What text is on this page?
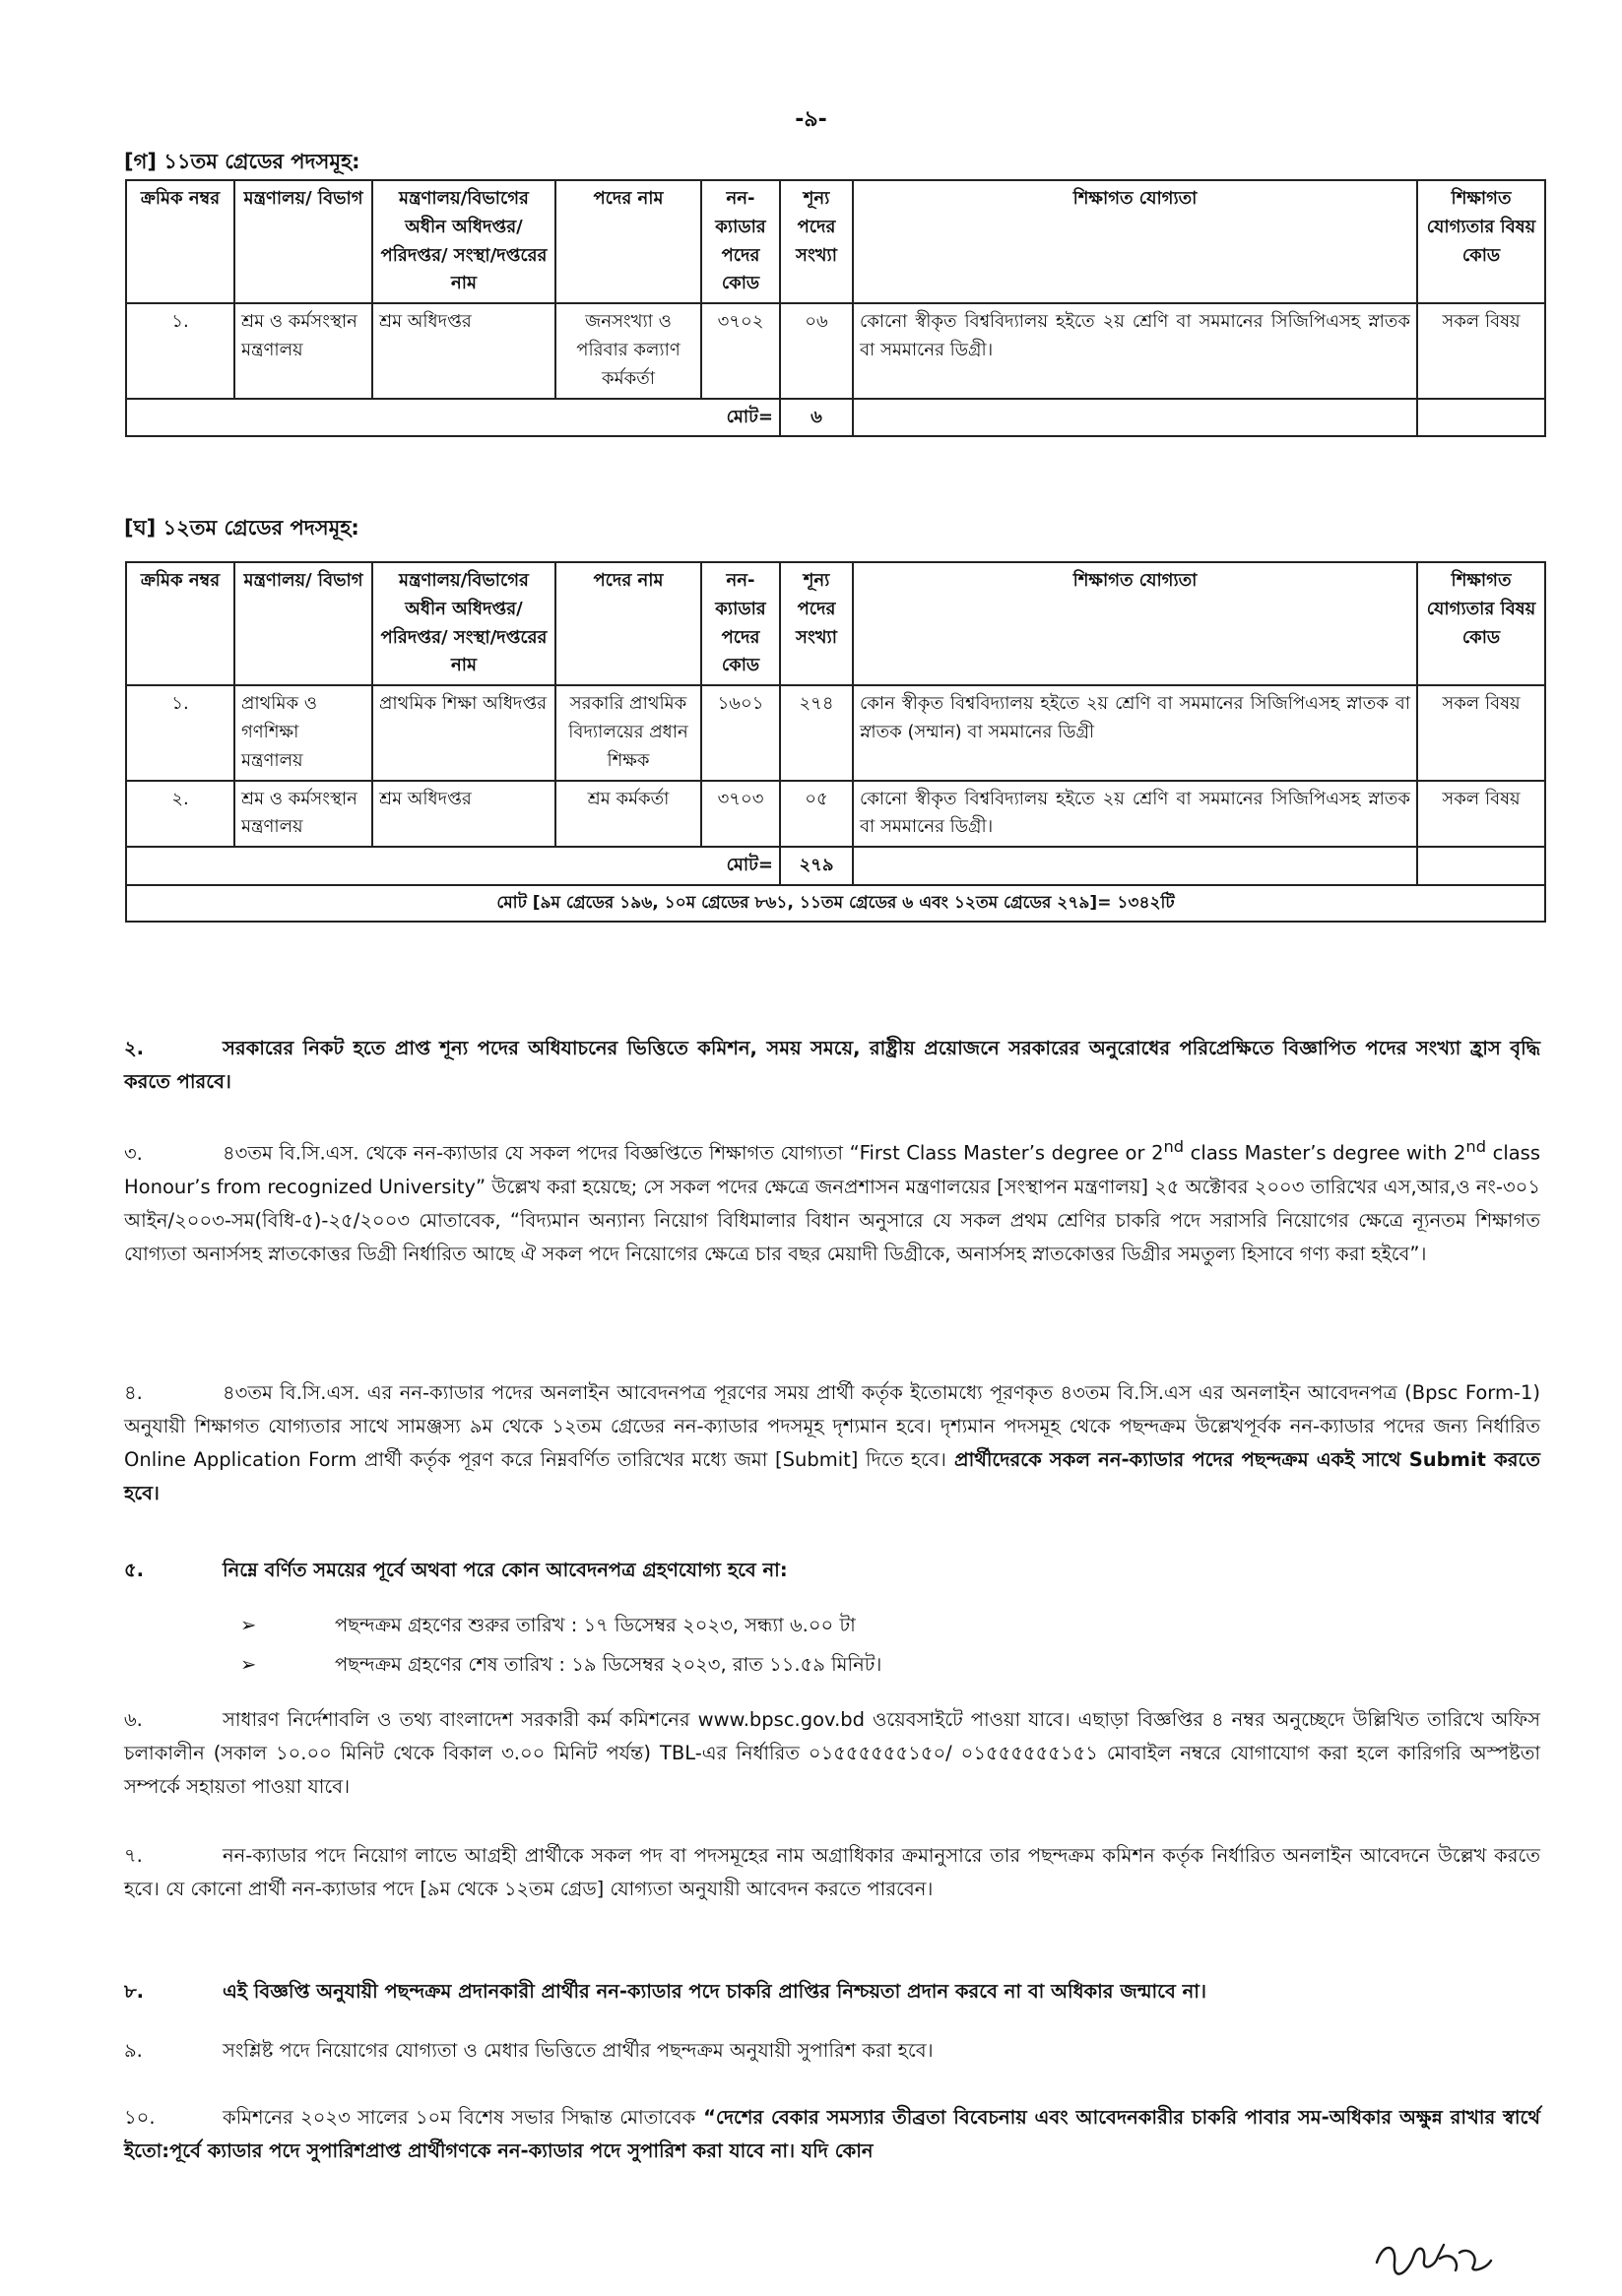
-৯-
[গ] ১১তম গ্রেডের পদসমূহ:
ক্রমিক নম্বর	মন্ত্রণালয়/ বিভাগ	মন্ত্রণালয়/বিভাগের অধীন অধিদপ্তর/পরিদপ্তর/ সংস্থা/দপ্তরের নাম	পদের নাম	নন-ক্যাডার পদের কোড	শূন্য পদের সংখ্যা	শিক্ষাগত যোগ্যতা	শিক্ষাগত যোগ্যতার বিষয় কোড
১.	শ্রম ও কর্মসংস্থান মন্ত্রণালয়	শ্রম অধিদপ্তর	জনসংখ্যা ও পরিবার কল্যাণ কর্মকর্তা	৩৭০২	০৬	কোনো স্বীকৃত বিশ্ববিদ্যালয় হইতে ২য় শ্রেণি বা সমমানের সিজিপিএসহ স্নাতক বা সমমানের ডিগ্রী।	সকল বিষয়
মোট=					৬		
[ঘ] ১২তম গ্রেডের পদসমূহ:
ক্রমিক নম্বর	মন্ত্রণালয়/ বিভাগ	মন্ত্রণালয়/বিভাগের অধীন অধিদপ্তর/পরিদপ্তর/ সংস্থা/দপ্তরের নাম	পদের নাম	নন-ক্যাডার পদের কোড	শূন্য পদের সংখ্যা	শিক্ষাগত যোগ্যতা	শিক্ষাগত যোগ্যতার বিষয় কোড
১.	প্রাথমিক ও গণশিক্ষা মন্ত্রণালয়	প্রাথমিক শিক্ষা অধিদপ্তর	সরকারি প্রাথমিক বিদ্যালয়ের প্রধান শিক্ষক	১৬০১	২৭৪	কোন স্বীকৃত বিশ্ববিদ্যালয় হইতে ২য় শ্রেণি বা সমমানের সিজিপিএসহ স্নাতক বা স্নাতক (সম্মান) বা সমমানের ডিগ্রী	সকল বিষয়
২.	শ্রম ও কর্মসংস্থান মন্ত্রণালয়	শ্রম অধিদপ্তর	শ্রম কর্মকর্তা	৩৭০৩	০৫	কোনো স্বীকৃত বিশ্ববিদ্যালয় হইতে ২য় শ্রেণি বা সমমানের সিজিপিএসহ স্নাতক বা সমমানের ডিগ্রী।	সকল বিষয়
মোট=					২৭৯		
মোট [৯ম গ্রেডের ১৯৬, ১০ম গ্রেডের ৮৬১, ১১তম গ্রেডের ৬ এবং ১২তম গ্রেডের ২৭৯]= ১৩৪২টি							
২.	সরকারের নিকট হতে প্রাপ্ত শূন্য পদের অধিযাচনের ভিত্তিতে কমিশন, সময় সময়ে, রাষ্ট্রীয় প্রয়োজনে সরকারের অনুরোধের পরিপ্রেক্ষিতে বিজ্ঞাপিত পদের সংখ্যা হ্রাস বৃদ্ধি করতে পারবে।
৩.	৪৩তম বি.সি.এস. থেকে নন-ক্যাডার যে সকল পদের বিজ্ঞপ্তিতে শিক্ষাগত যোগ্যতা “First Class Master’s degree or 2nd class Master’s degree with 2nd class Honour’s from recognized University” উল্লেখ করা হয়েছে; সে সকল পদের ক্ষেত্রে জনপ্রশাসন মন্ত্রণালয়ের [সংস্থাপন মন্ত্রণালয়] ২৫ অক্টোবর ২০০৩ তারিখের এস,আর,ও নং-৩০১ আইন/২০০৩-সম(বিধি-৫)-২৫/২০০৩ মোতাবেক, “বিদ্যমান অন্যান্য নিয়োগ বিধিমালার বিধান অনুসারে যে সকল প্রথম শ্রেণির চাকরি পদে সরাসরি নিয়োগের ক্ষেত্রে ন্যূনতম শিক্ষাগত যোগ্যতা অনার্সসহ স্নাতকোত্তর ডিগ্রী নির্ধারিত আছে ঐ সকল পদে নিয়োগের ক্ষেত্রে চার বছর মেয়াদী ডিগ্রীকে, অনার্সসহ স্নাতকোত্তর ডিগ্রীর সমতুল্য হিসাবে গণ্য করা হইবে”।
৪.	৪৩তম বি.সি.এস. এর নন-ক্যাডার পদের অনলাইন আবেদনপত্র পূরণের সময় প্রার্থী কর্তৃক ইতোমধ্যে পূরণকৃত ৪৩তম বি.সি.এস এর অনলাইন আবেদনপত্র (Bpsc Form-1) অনুযায়ী শিক্ষাগত যোগ্যতার সাথে সামঞ্জস্য ৯ম থেকে ১২তম গ্রেডের নন-ক্যাডার পদসমূহ দৃশ্যমান হবে। দৃশ্যমান পদসমূহ থেকে পছন্দক্রম উল্লেখপূর্বক নন-ক্যাডার পদের জন্য নির্ধারিত Online Application Form প্রার্থী কর্তৃক পূরণ করে নিম্নবর্ণিত তারিখের মধ্যে জমা [Submit] দিতে হবে। প্রার্থীদেরকে সকল নন-ক্যাডার পদের পছন্দক্রম একই সাথে Submit করতে হবে।
৫.	নিম্নে বর্ণিত সময়ের পূর্বে অথবা পরে কোন আবেদনপত্র গ্রহণযোগ্য হবে না:
➢	পছন্দক্রম গ্রহণের শুরুর তারিখ : ১৭ ডিসেম্বর ২০২৩, সন্ধ্যা ৬.০০ টা
➢	পছন্দক্রম গ্রহণের শেষ তারিখ : ১৯ ডিসেম্বর ২০২৩, রাত ১১.৫৯ মিনিট।
৬.	সাধারণ নির্দেশাবলি ও তথ্য বাংলাদেশ সরকারী কর্ম কমিশনের www.bpsc.gov.bd ওয়েবসাইটে পাওয়া যাবে। এছাড়া বিজ্ঞপ্তির ৪ নম্বর অনুচ্ছেদে উল্লিখিত তারিখে অফিস চলাকালীন (সকাল ১০.০০ মিনিট থেকে বিকাল ৩.০০ মিনিট পর্যন্ত) TBL-এর নির্ধারিত ০১৫৫৫৫৫৫১৫০/ ০১৫৫৫৫৫৫১৫১ মোবাইল নম্বরে যোগাযোগ করা হলে কারিগরি অস্পষ্টতা সম্পর্কে সহায়তা পাওয়া যাবে।
৭.	নন-ক্যাডার পদে নিয়োগ লাভে আগ্রহী প্রার্থীকে সকল পদ বা পদসমূহের নাম অগ্রাধিকার ক্রমানুসারে তার পছন্দক্রম কমিশন কর্তৃক নির্ধারিত অনলাইন আবেদনে উল্লেখ করতে হবে। যে কোনো প্রার্থী নন-ক্যাডার পদে [৯ম থেকে ১২তম গ্রেড] যোগ্যতা অনুযায়ী আবেদন করতে পারবেন।
৮.	এই বিজ্ঞপ্তি অনুযায়ী পছন্দক্রম প্রদানকারী প্রার্থীর নন-ক্যাডার পদে চাকরি প্রাপ্তির নিশ্চয়তা প্রদান করবে না বা অধিকার জন্মাবে না।
৯.	সংশ্লিষ্ট পদে নিয়োগের যোগ্যতা ও মেধার ভিত্তিতে প্রার্থীর পছন্দক্রম অনুযায়ী সুপারিশ করা হবে।
১০.	কমিশনের ২০২৩ সালের ১০ম বিশেষ সভার সিদ্ধান্ত মোতাবেক “দেশের বেকার সমস্যার তীব্রতা বিবেচনায় এবং আবেদনকারীর চাকরি পাবার সম-অধিকার অক্ষুন্ন রাখার স্বার্থে ইতো:পূর্বে ক্যাডার পদে সুপারিশপ্রাপ্ত প্রার্থীগণকে নন-ক্যাডার পদে সুপারিশ করা যাবে না। যদি কোন
